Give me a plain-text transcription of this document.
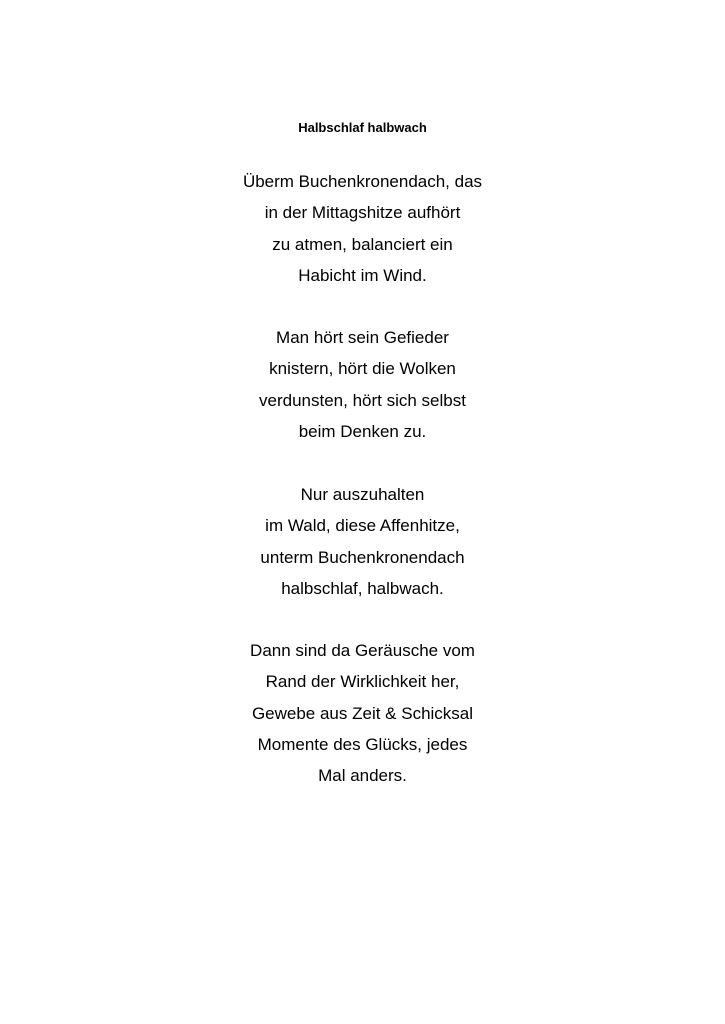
Halbschlaf halbwach
Überm Buchenkronendach, das
in der Mittagshitze aufhört
zu atmen, balanciert ein
Habicht im Wind.
Man hört sein Gefieder
knistern, hört die Wolken
verdunsten, hört sich selbst
beim Denken zu.
Nur auszuhalten
im Wald, diese Affenhitze,
unterm Buchenkronendach
halbschlaf, halbwach.
Dann sind da Geräusche vom
Rand der Wirklichkeit her,
Gewebe aus Zeit & Schicksal
Momente des Glücks, jedes
Mal anders.
